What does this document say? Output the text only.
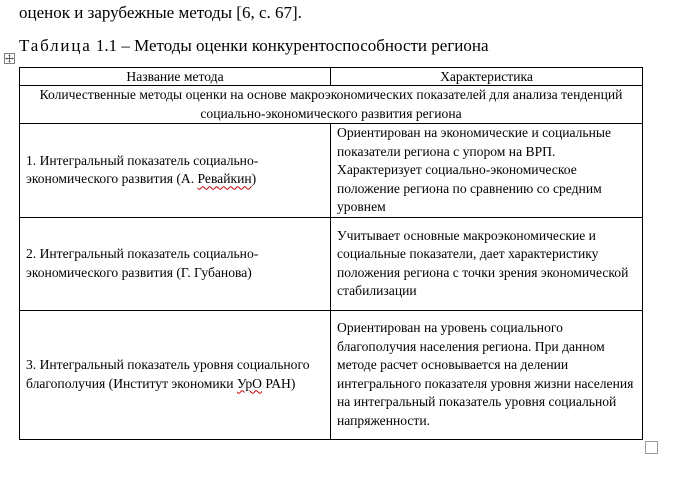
оценок и зарубежные методы [6, с. 67].
Таблица 1.1 – Методы оценки конкурентоспособности региона
Название метода	Характеристика
Количественные методы оценки на основе макроэкономических показателей для анализа тенденций социально-экономического развития региона	
1. Интегральный показатель социально-экономического развития (А. Ревайкин)	Ориентирован на экономические и социальные показатели региона с упором на ВРП. Характеризует социально-экономическое положение региона по сравнению со средним уровнем
2. Интегральный показатель социально-экономического развития (Г. Губанова)	Учитывает основные макроэкономические и социальные показатели, дает характеристику положения региона с точки зрения экономической стабилизации
3. Интегральный показатель уровня социального благополучия (Институт экономики УрО РАН)	Ориентирован на уровень социального благополучия населения региона. При данном методе расчет основывается на делении интегрального показателя уровня жизни населения на интегральный показатель уровня социальной напряженности.
